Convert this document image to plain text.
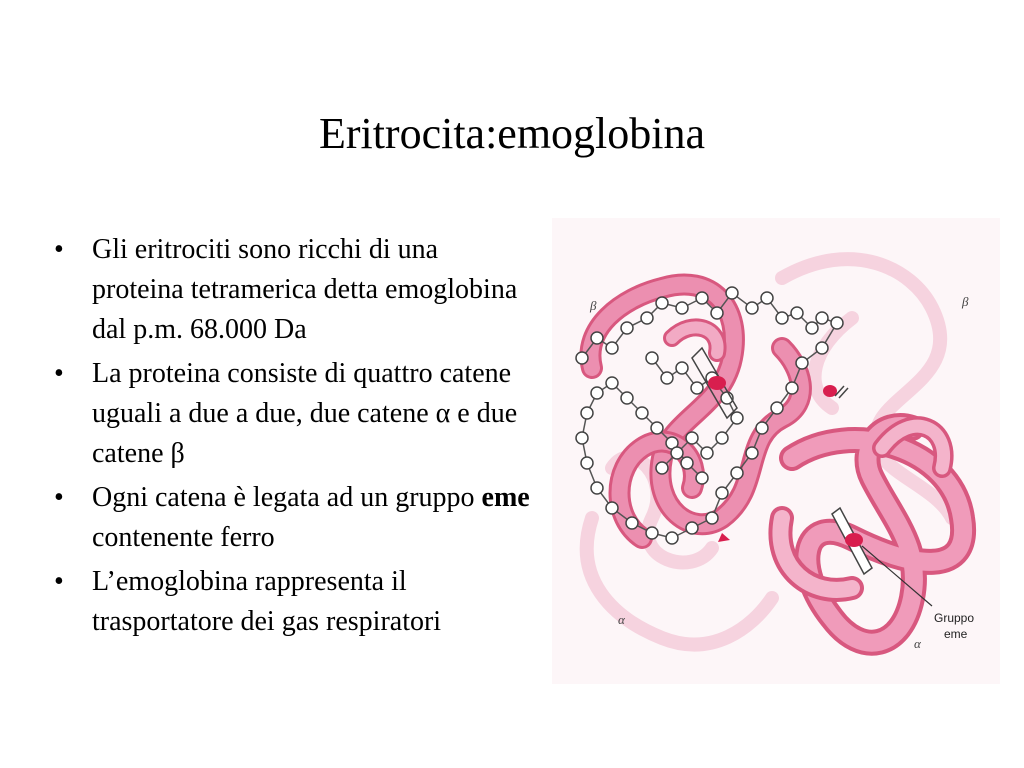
Eritrocita:emoglobina
• Gli eritrociti sono ricchi di una proteina tetramerica detta emoglobina dal p.m. 68.000 Da
• La proteina consiste di quattro catene uguali a due a due, due catene α e due catene β
• Ogni catena è legata ad un gruppo eme contenente ferro
• L’emoglobina rappresenta il trasportatore dei gas respiratori
β	β
α
α
Gruppo
eme
